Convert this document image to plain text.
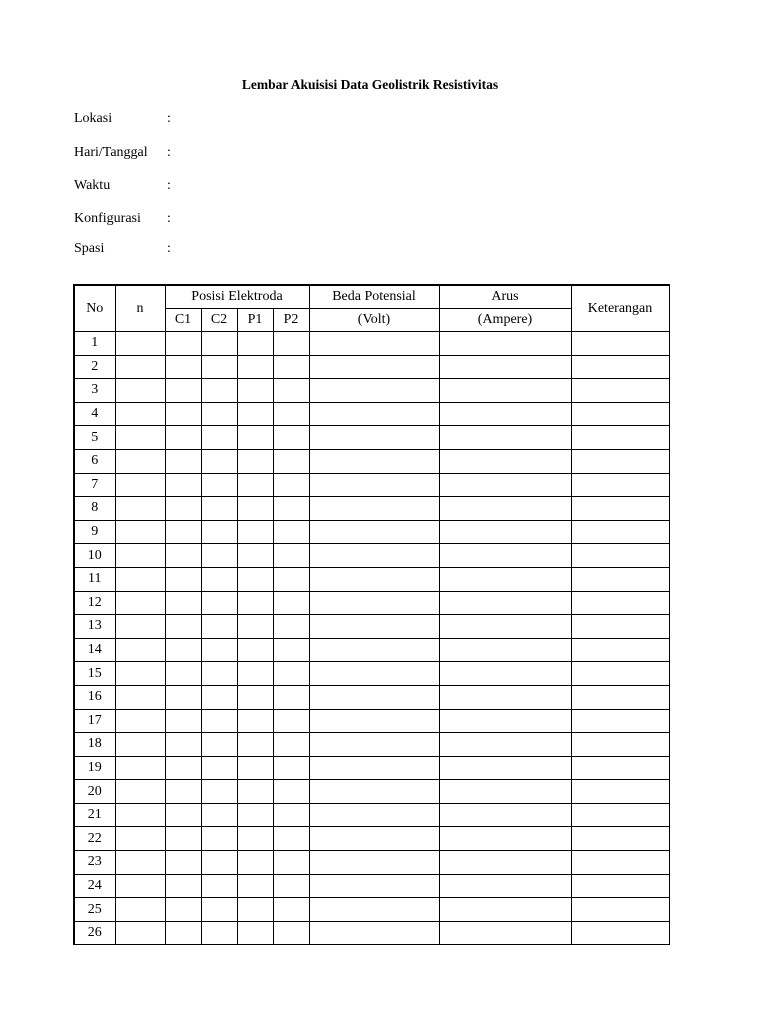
Lembar Akuisisi Data Geolistrik Resistivitas
Lokasi	:
Hari/Tanggal :
Waktu	:
Konfigurasi :
Spasi	:
No	n	Posisi Elektroda				Beda Potensial	Arus	Keterangan
		C1	C2	P1	P2	(Volt)	(Ampere)	
1								
2								
3								
4								
5								
6								
7								
8								
9								
10								
11								
12								
13								
14								
15								
16								
17								
18								
19								
20								
21								
22								
23								
24								
25								
26								
